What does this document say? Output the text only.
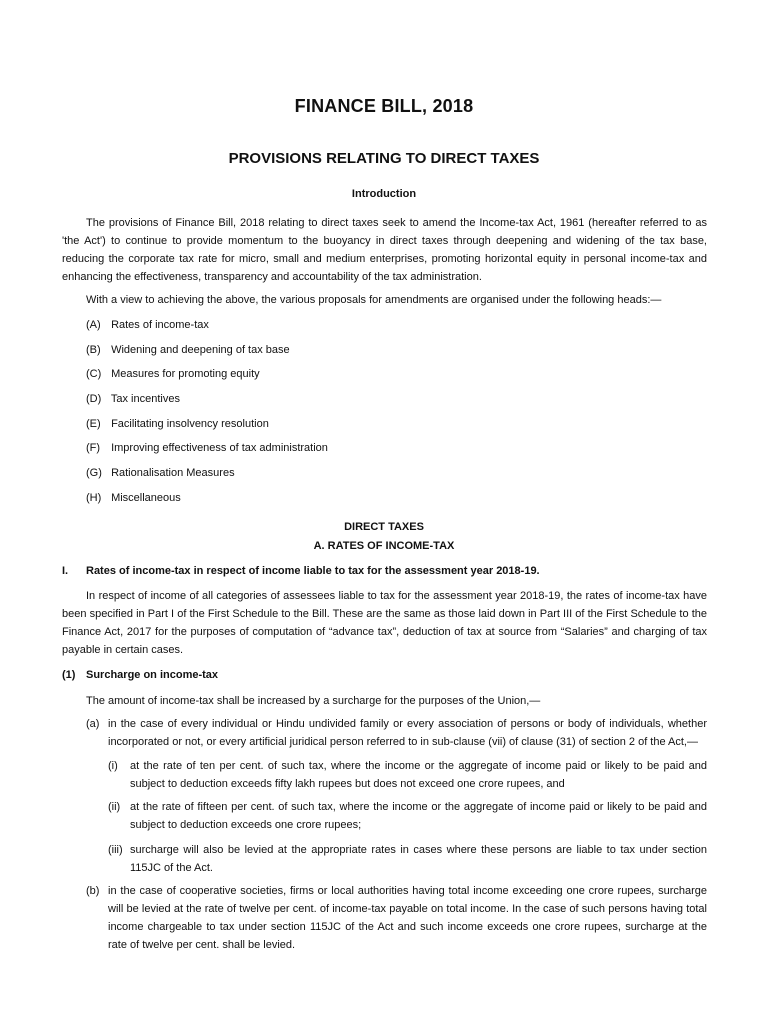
FINANCE BILL, 2018
PROVISIONS RELATING TO DIRECT TAXES
Introduction
The provisions of Finance Bill, 2018 relating to direct taxes seek to amend the Income-tax Act, 1961 (hereafter referred to as 'the Act') to continue to provide momentum to the buoyancy in direct taxes through deepening and widening of the tax base, reducing the corporate tax rate for micro, small and medium enterprises, promoting horizontal equity in personal income-tax and enhancing the effectiveness, transparency and accountability of the tax administration.
With a view to achieving the above, the various proposals for amendments are organised under the following heads:—
(A) Rates of income-tax
(B) Widening and deepening of tax base
(C) Measures for promoting equity
(D) Tax incentives
(E) Facilitating insolvency resolution
(F) Improving effectiveness of tax administration
(G) Rationalisation Measures
(H) Miscellaneous
DIRECT TAXES
A. RATES OF INCOME-TAX
I. Rates of income-tax in respect of income liable to tax for the assessment year 2018-19.
In respect of income of all categories of assessees liable to tax for the assessment year 2018-19, the rates of income-tax have been specified in Part I of the First Schedule to the Bill. These are the same as those laid down in Part III of the First Schedule to the Finance Act, 2017 for the purposes of computation of “advance tax”, deduction of tax at source from “Salaries” and charging of tax payable in certain cases.
(1) Surcharge on income-tax
The amount of income-tax shall be increased by a surcharge for the purposes of the Union,—
(a) in the case of every individual or Hindu undivided family or every association of persons or body of individuals, whether incorporated or not, or every artificial juridical person referred to in sub-clause (vii) of clause (31) of section 2 of the Act,—
(i)	at the rate of ten per cent. of such tax, where the income or the aggregate of income paid or likely to be paid and subject to deduction exceeds fifty lakh rupees but does not exceed one crore rupees, and
(ii) at the rate of fifteen per cent. of such tax, where the income or the aggregate of income paid or likely to be paid and subject to deduction exceeds one crore rupees;
(iii) surcharge will also be levied at the appropriate rates in cases where these persons are liable to tax under section 115JC of the Act.
(b) in the case of cooperative societies, firms or local authorities having total income exceeding one crore rupees, surcharge will be levied at the rate of twelve per cent. of income-tax payable on total income. In the case of such persons having total income chargeable to tax under section 115JC of the Act and such income exceeds one crore rupees, surcharge at the rate of twelve per cent. shall be levied.
